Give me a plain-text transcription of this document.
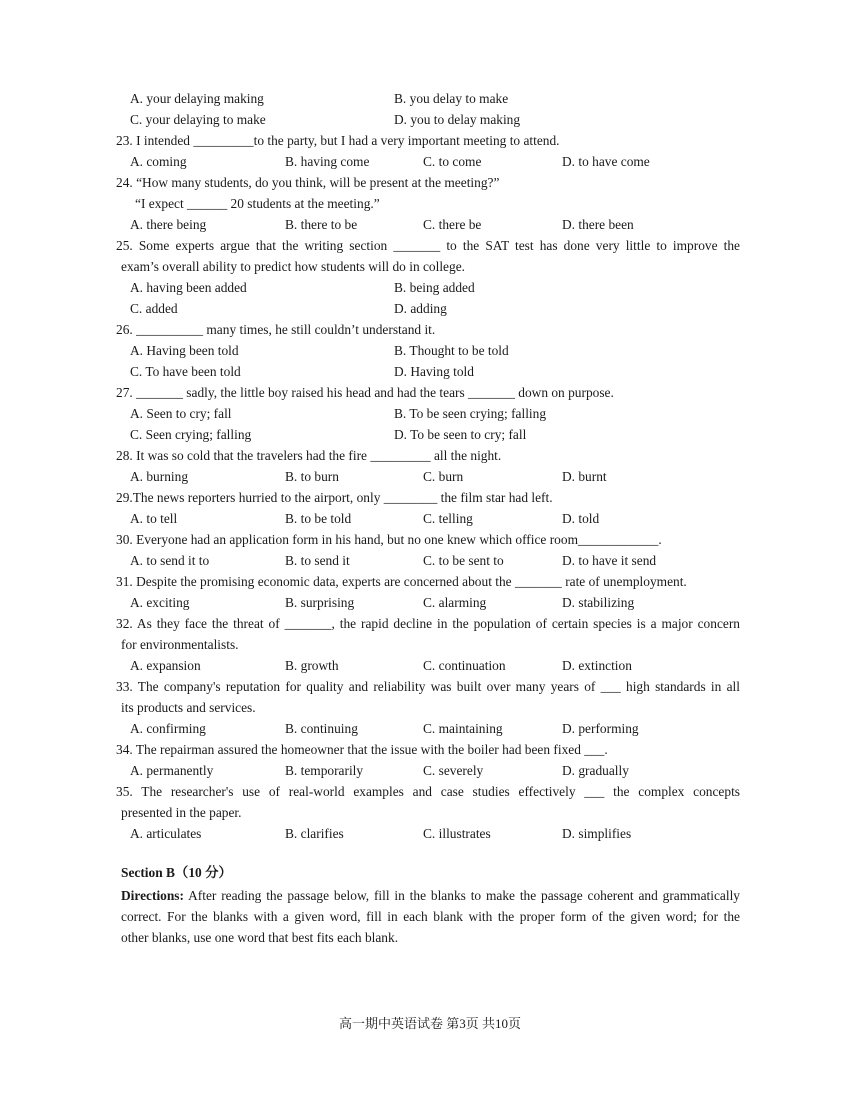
A. your delaying making	B. you delay to make
C. your delaying to make	D. you to delay making
23. I intended _________to the party, but I had a very important meeting to attend.
A. coming	B. having come	C. to come	D. to have come
24. “How many students, do you think, will be present at the meeting?”
“I expect ______ 20 students at the meeting.”
A. there being	B. there to be	C. there be	D. there been
25. Some experts argue that the writing section _______ to the SAT test has done very little to improve the
exam’s overall ability to predict how students will do in college.
A. having been added	B. being added
C. added	D. adding
26. __________ many times, he still couldn’t understand it.
A. Having been told	B. Thought to be told
C. To have been told	D. Having told
27. _______ sadly, the little boy raised his head and had the tears _______ down on purpose.
A. Seen to cry; fall	B. To be seen crying; falling
C. Seen crying; falling	D. To be seen to cry; fall
28. It was so cold that the travelers had the fire _________ all the night.
A. burning	B. to burn	C. burn	D. burnt
29.The news reporters hurried to the airport, only ________ the film star had left.
A. to tell	B. to be told	C. telling	D. told
30. Everyone had an application form in his hand, but no one knew which office room____________.
A. to send it to	B. to send it	C. to be sent to	D. to have it send
31. Despite the promising economic data, experts are concerned about the _______ rate of unemployment.
A. exciting	B. surprising	C. alarming	D. stabilizing
32. As they face the threat of _______, the rapid decline in the population of certain species is a major concern
for environmentalists.
A. expansion	B. growth	C. continuation	D. extinction
33. The company's reputation for quality and reliability was built over many years of ___ high standards in all
its products and services.
A. confirming	B. continuing	C. maintaining	D. performing
34. The repairman assured the homeowner that the issue with the boiler had been fixed ___.
A. permanently	B. temporarily	C. severely	D. gradually
35. The researcher's use of real-world examples and case studies effectively ___ the complex concepts
presented in the paper.
A. articulates	B. clarifies	C. illustrates	D. simplifies
Section B（10 分）
Directions: After reading the passage below, fill in the blanks to make the passage coherent and grammatically
correct. For the blanks with a given word, fill in each blank with the proper form of the given word; for the
other blanks, use one word that best fits each blank.
高一期中英语试卷 第3页 共10页
